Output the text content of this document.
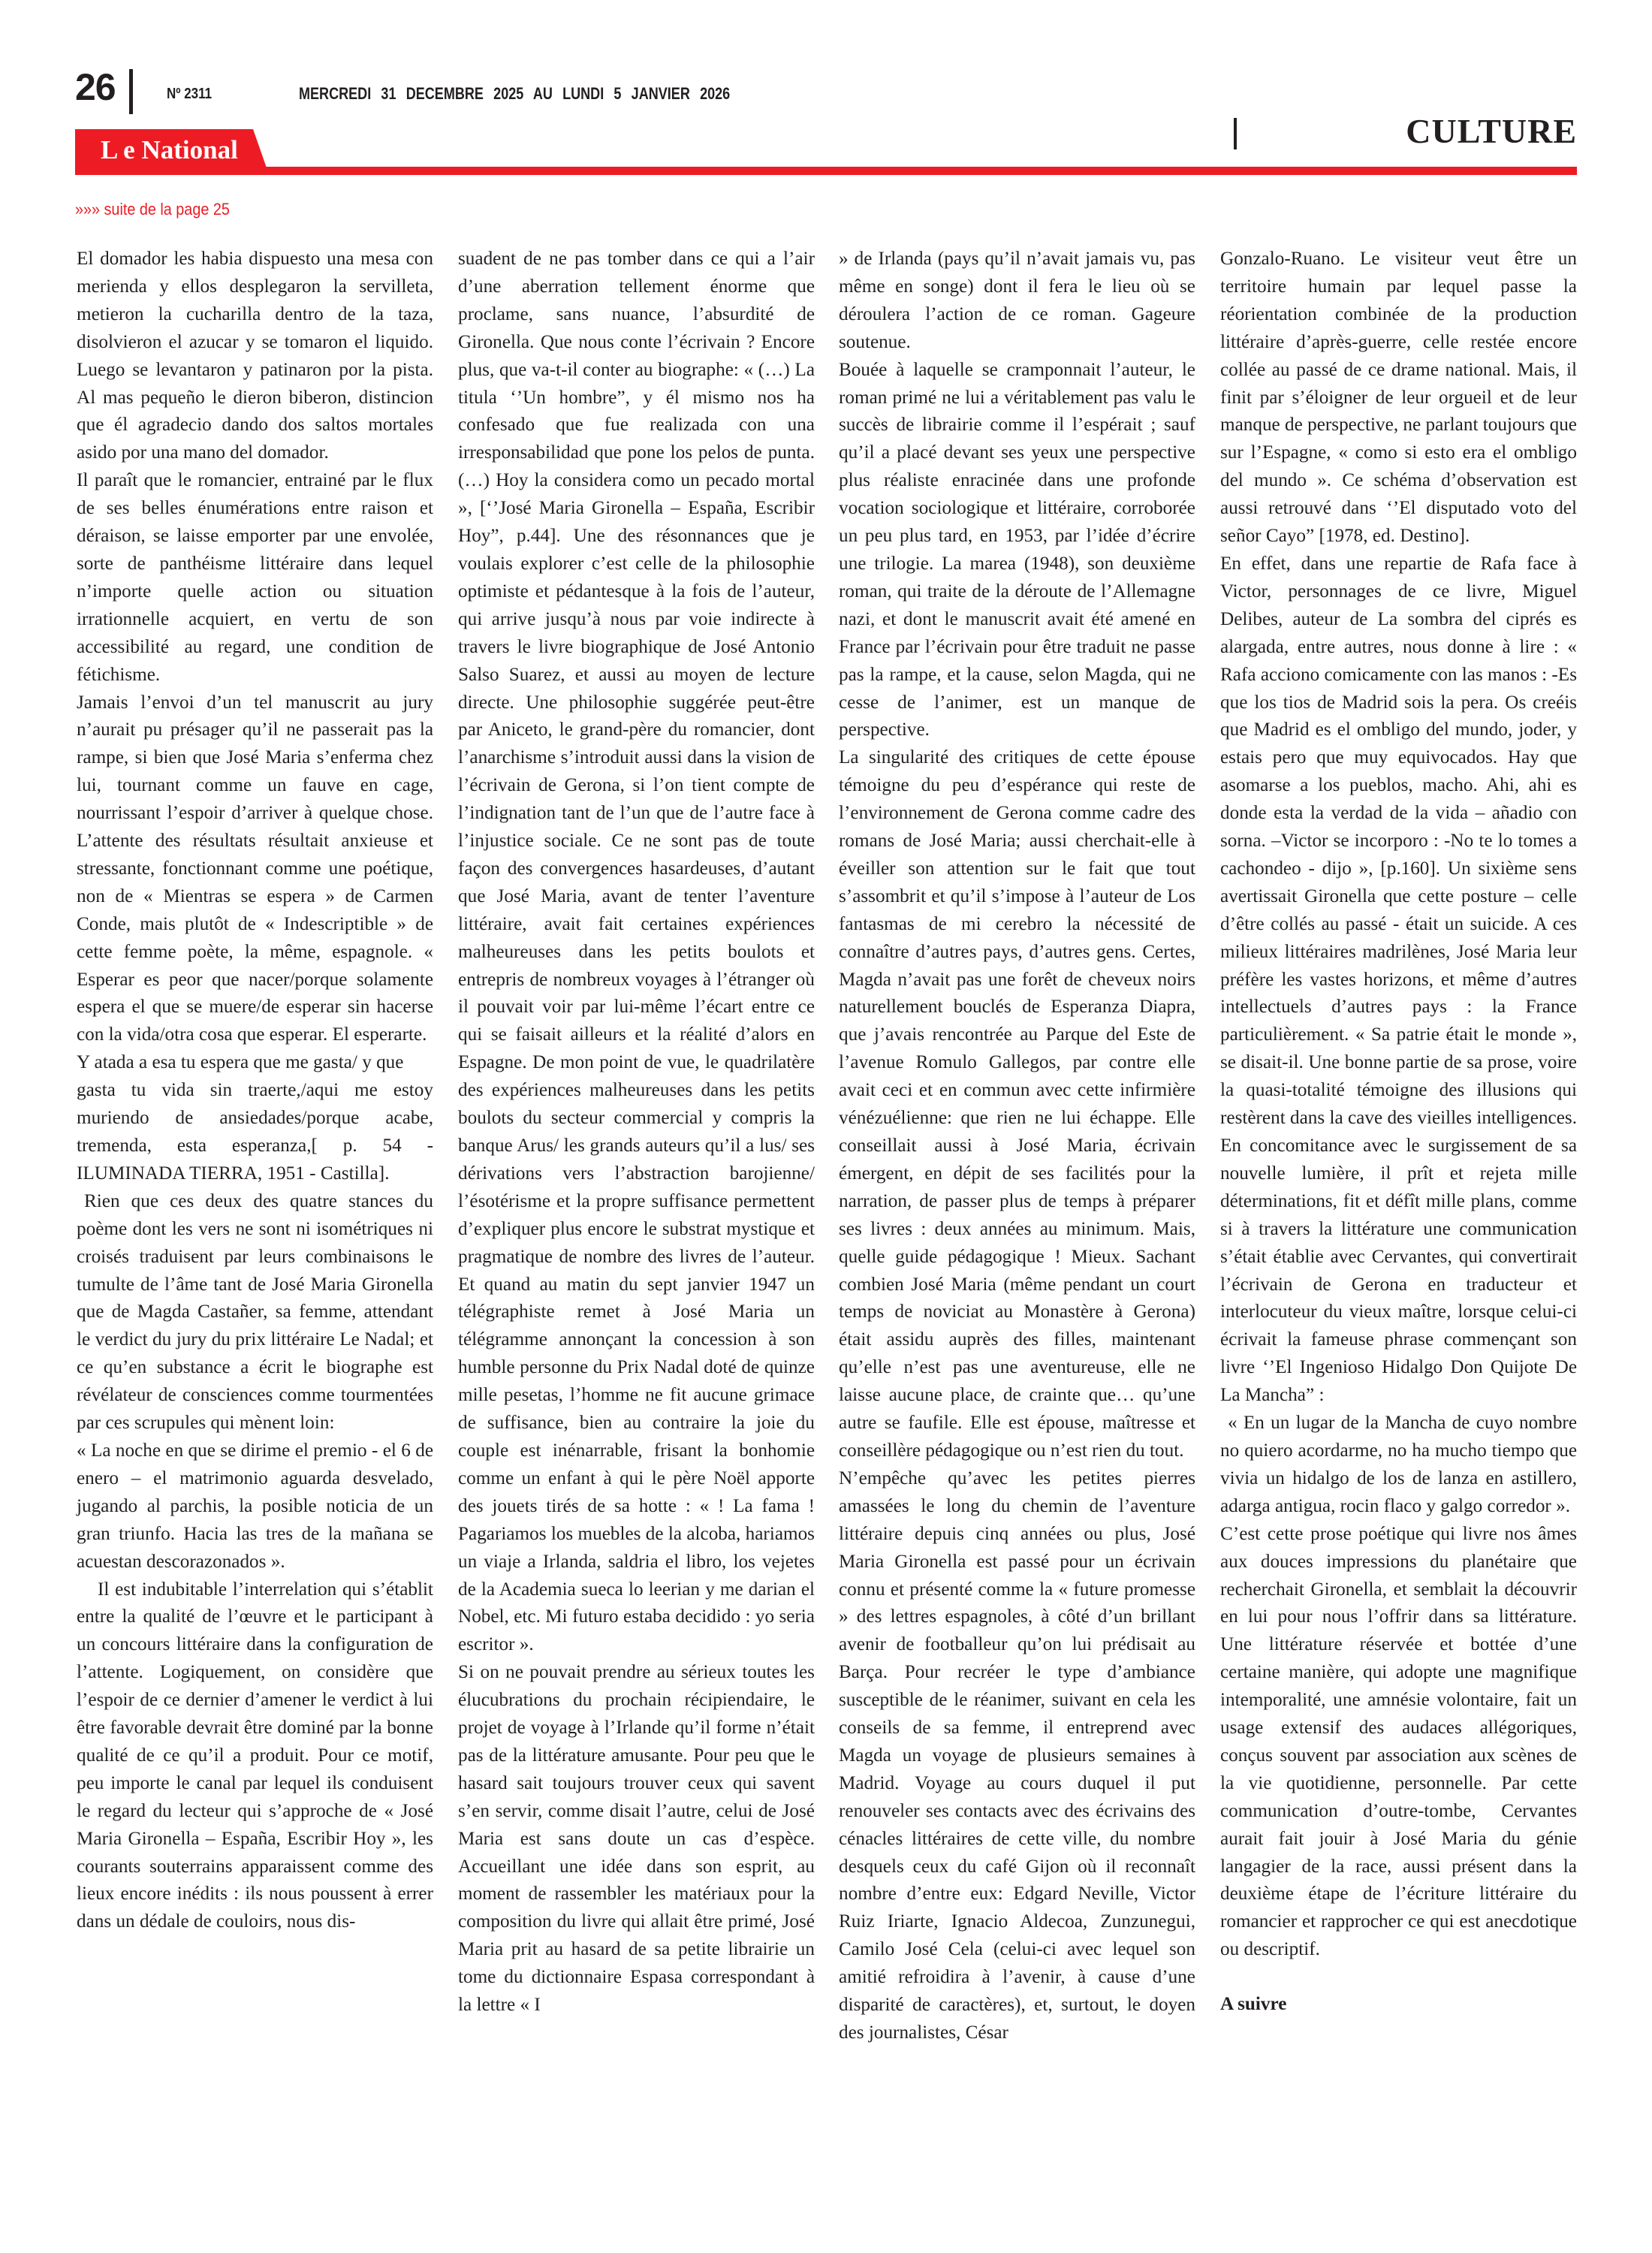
26	Nº 2311	MERCREDI 31 DECEMBRE 2025 AU LUNDI 5 JANVIER 2026
L e National	CULTURE
»»» suite de la page 25

El domador les habia dispuesto una mesa con merienda y ellos desplegaron la servilleta, metieron la cucharilla dentro de la taza, disolvieron el azucar y se tomaron el liquido. Luego se levantaron y patinaron por la pista. Al mas pequeño le dieron biberon, distincion que él agradecio dando dos saltos mortales asido por una mano del domador.

Il paraît que le romancier, entrainé par le flux de ses belles énumérations entre raison et déraison, se laisse emporter par une envolée, sorte de panthéisme littéraire dans lequel n’importe quelle action ou situation irrationnelle acquiert, en vertu de son accessibilité au regard, une condition de fétichisme.

Jamais l’envoi d’un tel manuscrit au jury n’aurait pu présager qu’il ne passerait pas la rampe, si bien que José Maria s’enferma chez lui, tournant comme un fauve en cage, nourrissant l’espoir d’arriver à quelque chose. L’attente des résultats résultait anxieuse et stressante, fonctionnant comme une poétique, non de « Mientras se espera » de Carmen Conde, mais plutôt de « Indescriptible » de cette femme poète, la même, espagnole. « Esperar es peor que nacer/porque solamente espera el que se muere/de esperar sin hacerse con la vida/otra cosa que esperar. El esperarte.

Y atada a esa tu espera que me gasta/ y que

gasta tu vida sin traerte,/aqui me estoy muriendo de ansiedades/porque acabe, tremenda, esta esperanza,[ p. 54 - ILUMINADA TIERRA, 1951 - Castilla].

Rien que ces deux des quatre stances du poème dont les vers ne sont ni isométriques ni croisés traduisent par leurs combinaisons le tumulte de l’âme tant de José Maria Gironella que de Magda Castañer, sa femme, attendant le verdict du jury du prix littéraire Le Nadal; et ce qu’en substance a écrit le biographe est révélateur de consciences comme tourmentées par ces scrupules qui mènent loin:

« La noche en que se dirime el premio - el 6 de enero – el matrimonio aguarda desvelado, jugando al parchis, la posible noticia de un gran triunfo. Hacia las tres de la mañana se acuestan descorazonados ».

Il est indubitable l’interrelation qui s’établit entre la qualité de l’œuvre et le participant à un concours littéraire dans la configuration de l’attente. Logiquement, on considère que l’espoir de ce dernier d’amener le verdict à lui être favorable devrait être dominé par la bonne qualité de ce qu’il a produit. Pour ce motif, peu importe le canal par lequel ils conduisent le regard du lecteur qui s’approche de « José Maria Gironella – España, Escribir Hoy », les courants souterrains apparaissent comme des lieux encore inédits : ils nous poussent à errer dans un dédale de couloirs, nous dis-

suadent de ne pas tomber dans ce qui a l’air d’une aberration tellement énorme que proclame, sans nuance, l’absurdité de Gironella. Que nous conte l’écrivain ? Encore plus, que va-t-il conter au biographe: « (…) La titula ‘’Un hombre”, y él mismo nos ha confesado que fue realizada con una irresponsabilidad que pone los pelos de punta. (…) Hoy la considera como un pecado mortal », [‘’José Maria Gironella – España, Escribir Hoy”, p.44]. Une des résonnances que je voulais explorer c’est celle de la philosophie optimiste et pédantesque à la fois de l’auteur, qui arrive jusqu’à nous par voie indirecte à travers le livre biographique de José Antonio Salso Suarez, et aussi au moyen de lecture directe. Une philosophie suggérée peut-être par Aniceto, le grand-père du romancier, dont l’anarchisme s’introduit aussi dans la vision de l’écrivain de Gerona, si l’on tient compte de l’indignation tant de l’un que de l’autre face à l’injustice sociale. Ce ne sont pas de toute façon des convergences hasardeuses, d’autant que José Maria, avant de tenter l’aventure littéraire, avait fait certaines expériences malheureuses dans les petits boulots et entrepris de nombreux voyages à l’étranger où il pouvait voir par lui-même l’écart entre ce qui se faisait ailleurs et la réalité d’alors en Espagne. De mon point de vue, le quadrilatère des expériences malheureuses dans les petits boulots du secteur commercial y compris la banque Arus/ les grands auteurs qu’il a lus/ ses dérivations vers l’abstraction barojienne/ l’ésotérisme et la propre suffisance permettent d’expliquer plus encore le substrat mystique et pragmatique de nombre des livres de l’auteur. Et quand au matin du sept janvier 1947 un télégraphiste remet à José Maria un télégramme annonçant la concession à son humble personne du Prix Nadal doté de quinze mille pesetas, l’homme ne fit aucune grimace de suffisance, bien au contraire la joie du couple est inénarrable, frisant la bonhomie comme un enfant à qui le père Noël apporte des jouets tirés de sa hotte : « ! La fama ! Pagariamos los muebles de la alcoba, hariamos un viaje a Irlanda, saldria el libro, los vejetes de la Academia sueca lo leerian y me darian el Nobel, etc. Mi futuro estaba decidido : yo seria escritor ».

Si on ne pouvait prendre au sérieux toutes les élucubrations du prochain récipiendaire, le projet de voyage à l’Irlande qu’il forme n’était pas de la littérature amusante. Pour peu que le hasard sait toujours trouver ceux qui savent s’en servir, comme disait l’autre, celui de José Maria est sans doute un cas d’espèce. Accueillant une idée dans son esprit, au moment de rassembler les matériaux pour la composition du livre qui allait être primé, José Maria prit au hasard de sa petite librairie un tome du dictionnaire Espasa correspondant à la lettre « I

» de Irlanda (pays qu’il n’avait jamais vu, pas même en songe) dont il fera le lieu où se déroulera l’action de ce roman. Gageure soutenue.

Bouée à laquelle se cramponnait l’auteur, le roman primé ne lui a véritablement pas valu le succès de librairie comme il l’espérait ; sauf qu’il a placé devant ses yeux une perspective plus réaliste enracinée dans une profonde vocation sociologique et littéraire, corroborée un peu plus tard, en 1953, par l’idée d’écrire une trilogie. La marea (1948), son deuxième roman, qui traite de la déroute de l’Allemagne nazi, et dont le manuscrit avait été amené en France par l’écrivain pour être traduit ne passe pas la rampe, et la cause, selon Magda, qui ne cesse de l’animer, est un manque de perspective.

La singularité des critiques de cette épouse témoigne du peu d’espérance qui reste de l’environnement de Gerona comme cadre des romans de José Maria; aussi cherchait-elle à éveiller son attention sur le fait que tout s’assombrit et qu’il s’impose à l’auteur de Los fantasmas de mi cerebro la nécessité de connaître d’autres pays, d’autres gens. Certes, Magda n’avait pas une forêt de cheveux noirs naturellement bouclés de Esperanza Diapra, que j’avais rencontrée au Parque del Este de l’avenue Romulo Gallegos, par contre elle avait ceci et en commun avec cette infirmière vénézuélienne: que rien ne lui échappe. Elle conseillait aussi à José Maria, écrivain émergent, en dépit de ses facilités pour la narration, de passer plus de temps à préparer ses livres : deux années au minimum. Mais, quelle guide pédagogique ! Mieux. Sachant combien José Maria (même pendant un court temps de noviciat au Monastère à Gerona) était assidu auprès des filles, maintenant qu’elle n’est pas une aventureuse, elle ne laisse aucune place, de crainte que… qu’une autre se faufile. Elle est épouse, maîtresse et conseillère pédagogique ou n’est rien du tout.

N’empêche qu’avec les petites pierres amassées le long du chemin de l’aventure littéraire depuis cinq années ou plus, José Maria Gironella est passé pour un écrivain connu et présenté comme la « future promesse » des lettres espagnoles, à côté d’un brillant avenir de footballeur qu’on lui prédisait au Barça. Pour recréer le type d’ambiance susceptible de le réanimer, suivant en cela les conseils de sa femme, il entreprend avec Magda un voyage de plusieurs semaines à Madrid. Voyage au cours duquel il put renouveler ses contacts avec des écrivains des cénacles littéraires de cette ville, du nombre desquels ceux du café Gijon où il reconnaît nombre d’entre eux: Edgard Neville, Victor Ruiz Iriarte, Ignacio Aldecoa, Zunzunegui, Camilo José Cela (celui-ci avec lequel son amitié refroidira à l’avenir, à cause d’une disparité de caractères), et, surtout, le doyen des journalistes, César

Gonzalo-Ruano. Le visiteur veut être un territoire humain par lequel passe la réorientation combinée de la production littéraire d’après-guerre, celle restée encore collée au passé de ce drame national. Mais, il finit par s’éloigner de leur orgueil et de leur manque de perspective, ne parlant toujours que sur l’Espagne, « como si esto era el ombligo del mundo ». Ce schéma d’observation est aussi retrouvé dans ‘’El disputado voto del señor Cayo” [1978, ed. Destino].

En effet, dans une repartie de Rafa face à Victor, personnages de ce livre, Miguel Delibes, auteur de La sombra del ciprés es alargada, entre autres, nous donne à lire : « Rafa acciono comicamente con las manos : -Es que los tios de Madrid sois la pera. Os creéis que Madrid es el ombligo del mundo, joder, y estais pero que muy equivocados. Hay que asomarse a los pueblos, macho. Ahi, ahi es donde esta la verdad de la vida – añadio con sorna. –Victor se incorporo : -No te lo tomes a cachondeo - dijo », [p.160]. Un sixième sens avertissait Gironella que cette posture – celle d’être collés au passé - était un suicide. A ces milieux littéraires madrilènes, José Maria leur préfère les vastes horizons, et même d’autres intellectuels d’autres pays : la France particulièrement. « Sa patrie était le monde », se disait-il. Une bonne partie de sa prose, voire la quasi-totalité témoigne des illusions qui restèrent dans la cave des vieilles intelligences. En concomitance avec le surgissement de sa nouvelle lumière, il prît et rejeta mille déterminations, fit et défît mille plans, comme si à travers la littérature une communication s’était établie avec Cervantes, qui convertirait l’écrivain de Gerona en traducteur et interlocuteur du vieux maître, lorsque celui-ci écrivait la fameuse phrase commençant son livre ‘’El Ingenioso Hidalgo Don Quijote De La Mancha” :

« En un lugar de la Mancha de cuyo nombre no quiero acordarme, no ha mucho tiempo que vivia un hidalgo de los de lanza en astillero, adarga antigua, rocin flaco y galgo corredor ».

C’est cette prose poétique qui livre nos âmes aux douces impressions du planétaire que recherchait Gironella, et semblait la découvrir en lui pour nous l’offrir dans sa littérature. Une littérature réservée et bottée d’une certaine manière, qui adopte une magnifique intemporalité, une amnésie volontaire, fait un usage extensif des audaces allégoriques, conçus souvent par association aux scènes de la vie quotidienne, personnelle. Par cette communication d’outre-tombe, Cervantes aurait fait jouir à José Maria du génie langagier de la race, aussi présent dans la deuxième étape de l’écriture littéraire du romancier et rapprocher ce qui est anecdotique ou descriptif.

A suivre
